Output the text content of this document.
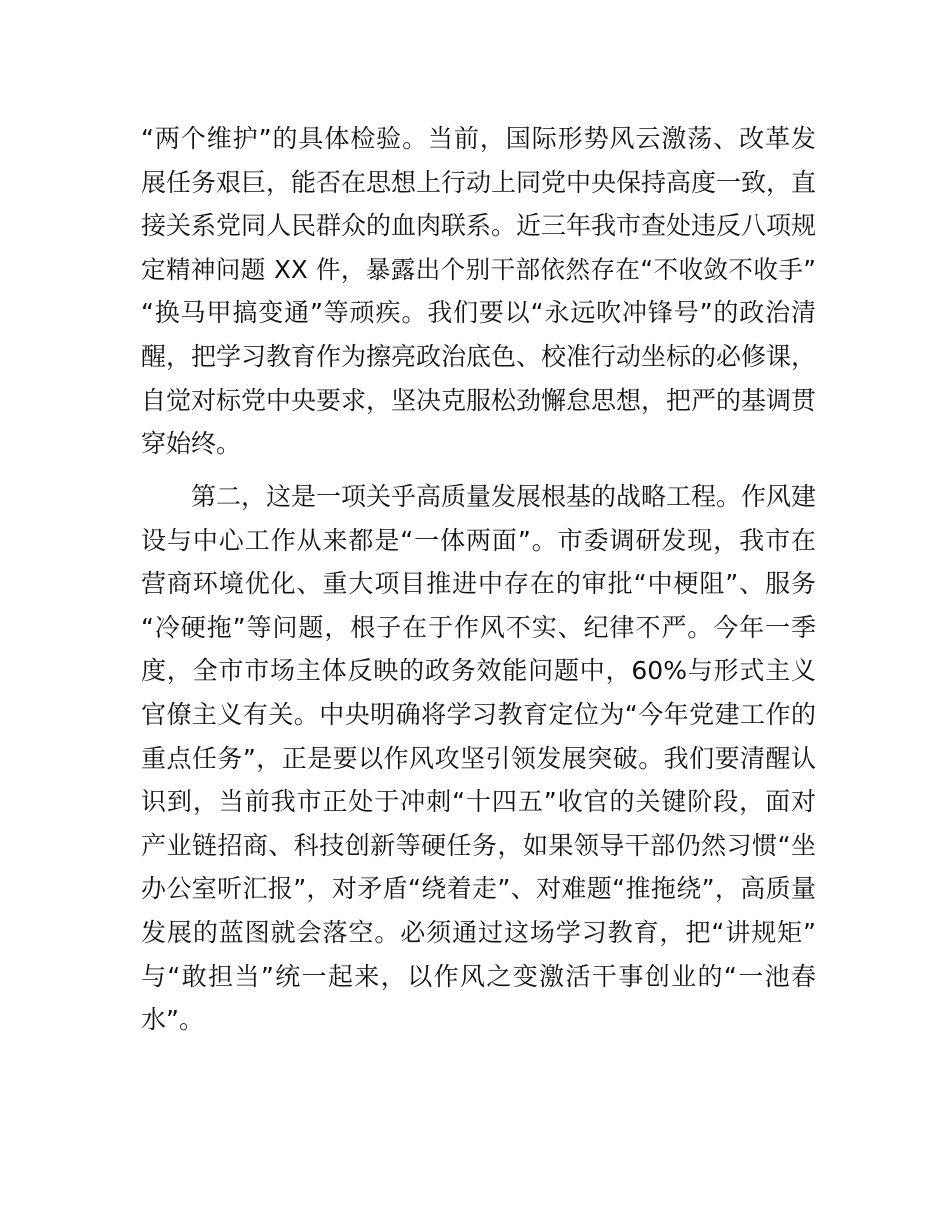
“两个维护”的具体检验。当前，国际形势风云激荡、改革发
展任务艰巨，能否在思想上行动上同党中央保持高度一致，直
接关系党同人民群众的血肉联系。近三年我市查处违反八项规
定精神问题 XX 件，暴露出个别干部依然存在“不收敛不收手”
“换马甲搞变通”等顽疾。我们要以“永远吹冲锋号”的政治清
醒，把学习教育作为擦亮政治底色、校准行动坐标的必修课，
自觉对标党中央要求，坚决克服松劲懈怠思想，把严的基调贯
穿始终。
第二，这是一项关乎高质量发展根基的战略工程。作风建
设与中心工作从来都是“一体两面”。市委调研发现，我市在
营商环境优化、重大项目推进中存在的审批“中梗阻”、服务
“冷硬拖”等问题，根子在于作风不实、纪律不严。今年一季
度，全市市场主体反映的政务效能问题中，60%与形式主义
官僚主义有关。中央明确将学习教育定位为“今年党建工作的
重点任务”，正是要以作风攻坚引领发展突破。我们要清醒认
识到，当前我市正处于冲刺“十四五”收官的关键阶段，面对
产业链招商、科技创新等硬任务，如果领导干部仍然习惯“坐
办公室听汇报”，对矛盾“绕着走”、对难题“推拖绕”，高质量
发展的蓝图就会落空。必须通过这场学习教育，把“讲规矩”
与“敢担当”统一起来，以作风之变激活干事创业的“一池春
水”。
